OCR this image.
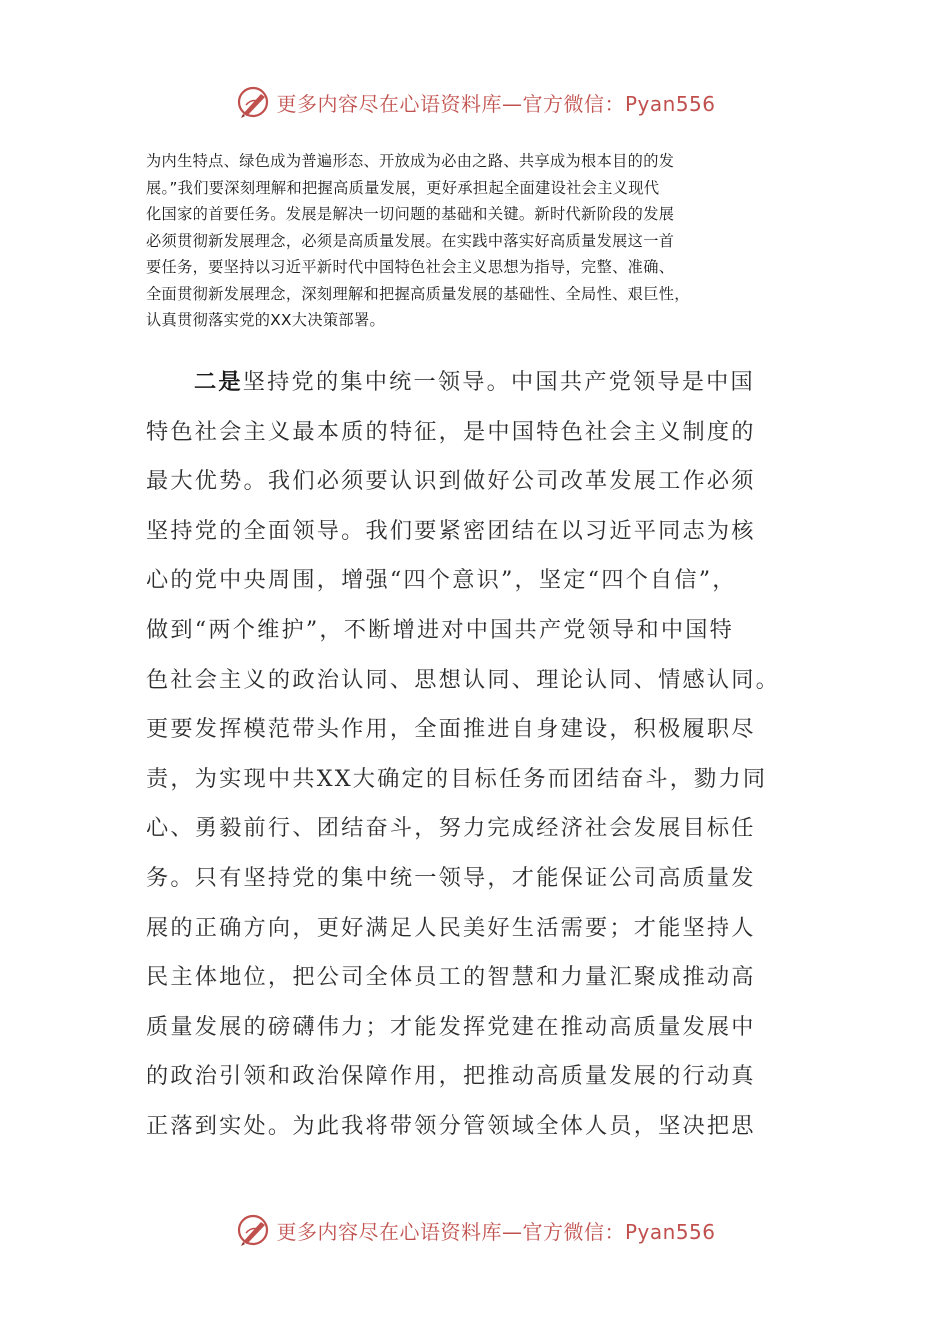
更多内容尽在心语资料库—官方微信：Pyan556
为内生特点、绿色成为普遍形态、开放成为必由之路、共享成为根本目的的发
展。”我们要深刻理解和把握高质量发展，更好承担起全面建设社会主义现代
化国家的首要任务。发展是解决一切问题的基础和关键。新时代新阶段的发展
必须贯彻新发展理念，必须是高质量发展。在实践中落实好高质量发展这一首
要任务，要坚持以习近平新时代中国特色社会主义思想为指导，完整、准确、
全面贯彻新发展理念，深刻理解和把握高质量发展的基础性、全局性、艰巨性，
认真贯彻落实党的XX大决策部署。
二是坚持党的集中统一领导。中国共产党领导是中国
特色社会主义最本质的特征，是中国特色社会主义制度的
最大优势。我们必须要认识到做好公司改革发展工作必须
坚持党的全面领导。我们要紧密团结在以习近平同志为核
心的党中央周围，增强“四个意识”，坚定“四个自信”，
做到“两个维护”，不断增进对中国共产党领导和中国特
色社会主义的政治认同、思想认同、理论认同、情感认同。
更要发挥模范带头作用，全面推进自身建设，积极履职尽
责，为实现中共XX大确定的目标任务而团结奋斗，勠力同
心、勇毅前行、团结奋斗，努力完成经济社会发展目标任
务。只有坚持党的集中统一领导，才能保证公司高质量发
展的正确方向，更好满足人民美好生活需要；才能坚持人
民主体地位，把公司全体员工的智慧和力量汇聚成推动高
质量发展的磅礴伟力；才能发挥党建在推动高质量发展中
的政治引领和政治保障作用，把推动高质量发展的行动真
正落到实处。为此我将带领分管领域全体人员，坚决把思
更多内容尽在心语资料库—官方微信：Pyan556
